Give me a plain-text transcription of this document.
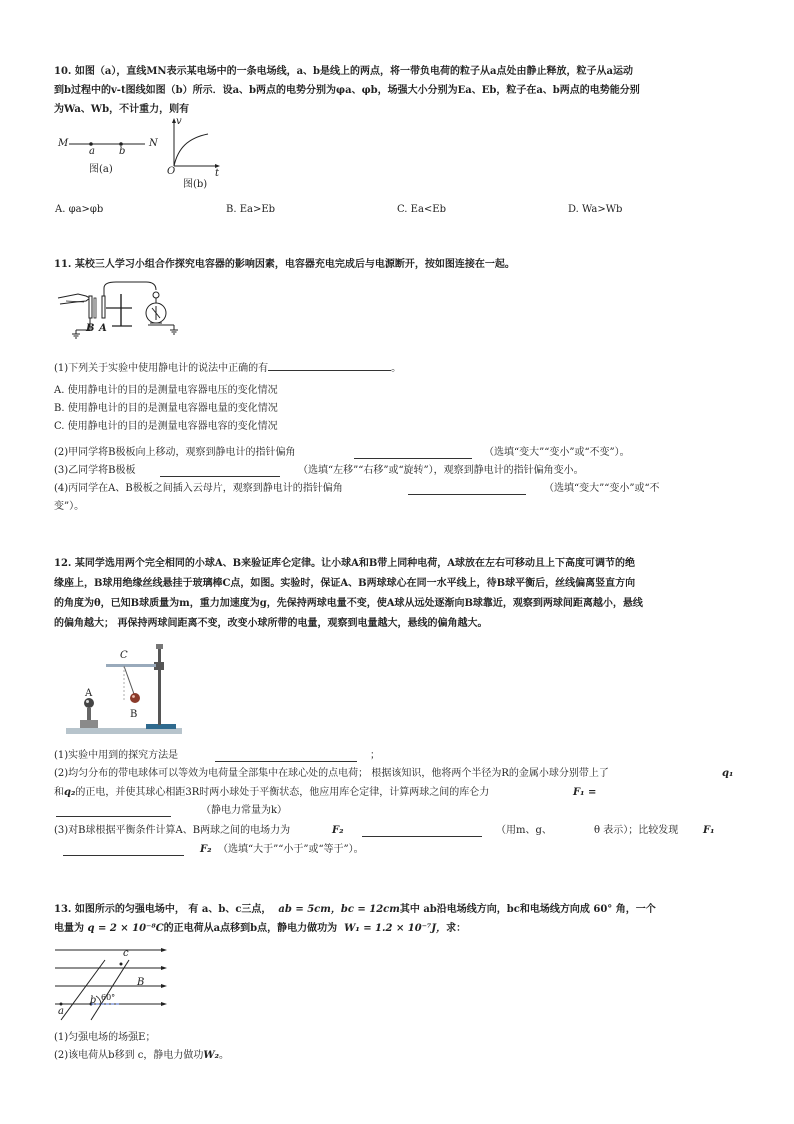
10. 如图（a），直线MN表示某电场中的一条电场线，a、b是线上的两点，将一带负电荷的粒子从a点处由静止释放，粒子从a运动
到b过程中的v-t图线如图（b）所示．设a、b两点的电势分别为φa、φb，场强大小分别为Ea、Eb，粒子在a、b两点的电势能分别
为Wa、Wb，不计重力，则有
M	N
a b
图(a)
v
O	t
图(b)
A. φa>φb	B. Ea>Eb	C. Ea<Eb	D. Wa>Wb
11. 某校三人学习小组合作探究电容器的影响因素，电容器充电完成后与电源断开，按如图连接在一起。
B A
(1)下列关于实验中使用静电计的说法中正确的有	。
A. 使用静电计的目的是测量电容器电压的变化情况
B. 使用静电计的目的是测量电容器电量的变化情况
C. 使用静电计的目的是测量电容器电容的变化情况
(2)甲同学将B极板向上移动，观察到静电计的指针偏角	（选填“变大”“变小”或“不变”）。
(3)乙同学将B极板	（选填“左移”“右移”或“旋转”），观察到静电计的指针偏角变小。
(4)丙同学在A、B极板之间插入云母片，观察到静电计的指针偏角	（选填“变大”“变小”或“不
变”）。
12. 某同学选用两个完全相同的小球A、B来验证库仑定律。让小球A和B带上同种电荷，A球放在左右可移动且上下高度可调节的绝
缘座上，B球用绝缘丝线悬挂于玻璃棒C点，如图。实验时，保证A、B两球球心在同一水平线上，待B球平衡后，丝线偏离竖直方向
的角度为θ，已知B球质量为m，重力加速度为g，先保持两球电量不变，使A球从远处逐渐向B球靠近，观察到两球间距离越小，悬线
的偏角越大； 再保持两球间距离不变，改变小球所带的电量，观察到电量越大，悬线的偏角越大。
C
A
B
(1)实验中用到的探究方法是	；
(2)均匀分布的带电球体可以等效为电荷量全部集中在球心处的点电荷； 根据该知识，他将两个半径为R的金属小球分别带上了	q₁
和q₂的正电，并使其球心相距3R时两小球处于平衡状态，他应用库仑定律，计算两球之间的库仑力	F₁ =
（静电力常量为k）
(3)对B球根据平衡条件计算A、B两球之间的电场力为	F₂	（用m、g、	θ 表示）；比较发现 F₁
F₂ （选填“大于”“小于”或“等于”）。
13. 如图所示的匀强电场中， 有 a、b、c三点， ab = 5cm，bc = 12cm其中 ab沿电场线方向，bc和电场线方向成 60° 角，一个
电量为 q = 2 × 10⁻⁸C的正电荷从a点移到b点，静电力做功为 W₁ = 1.2 × 10⁻⁷J，求：
c
B
60°
a
b
(1)匀强电场的场强E；
(2)该电荷从b移到 c，静电力做功W₂。
